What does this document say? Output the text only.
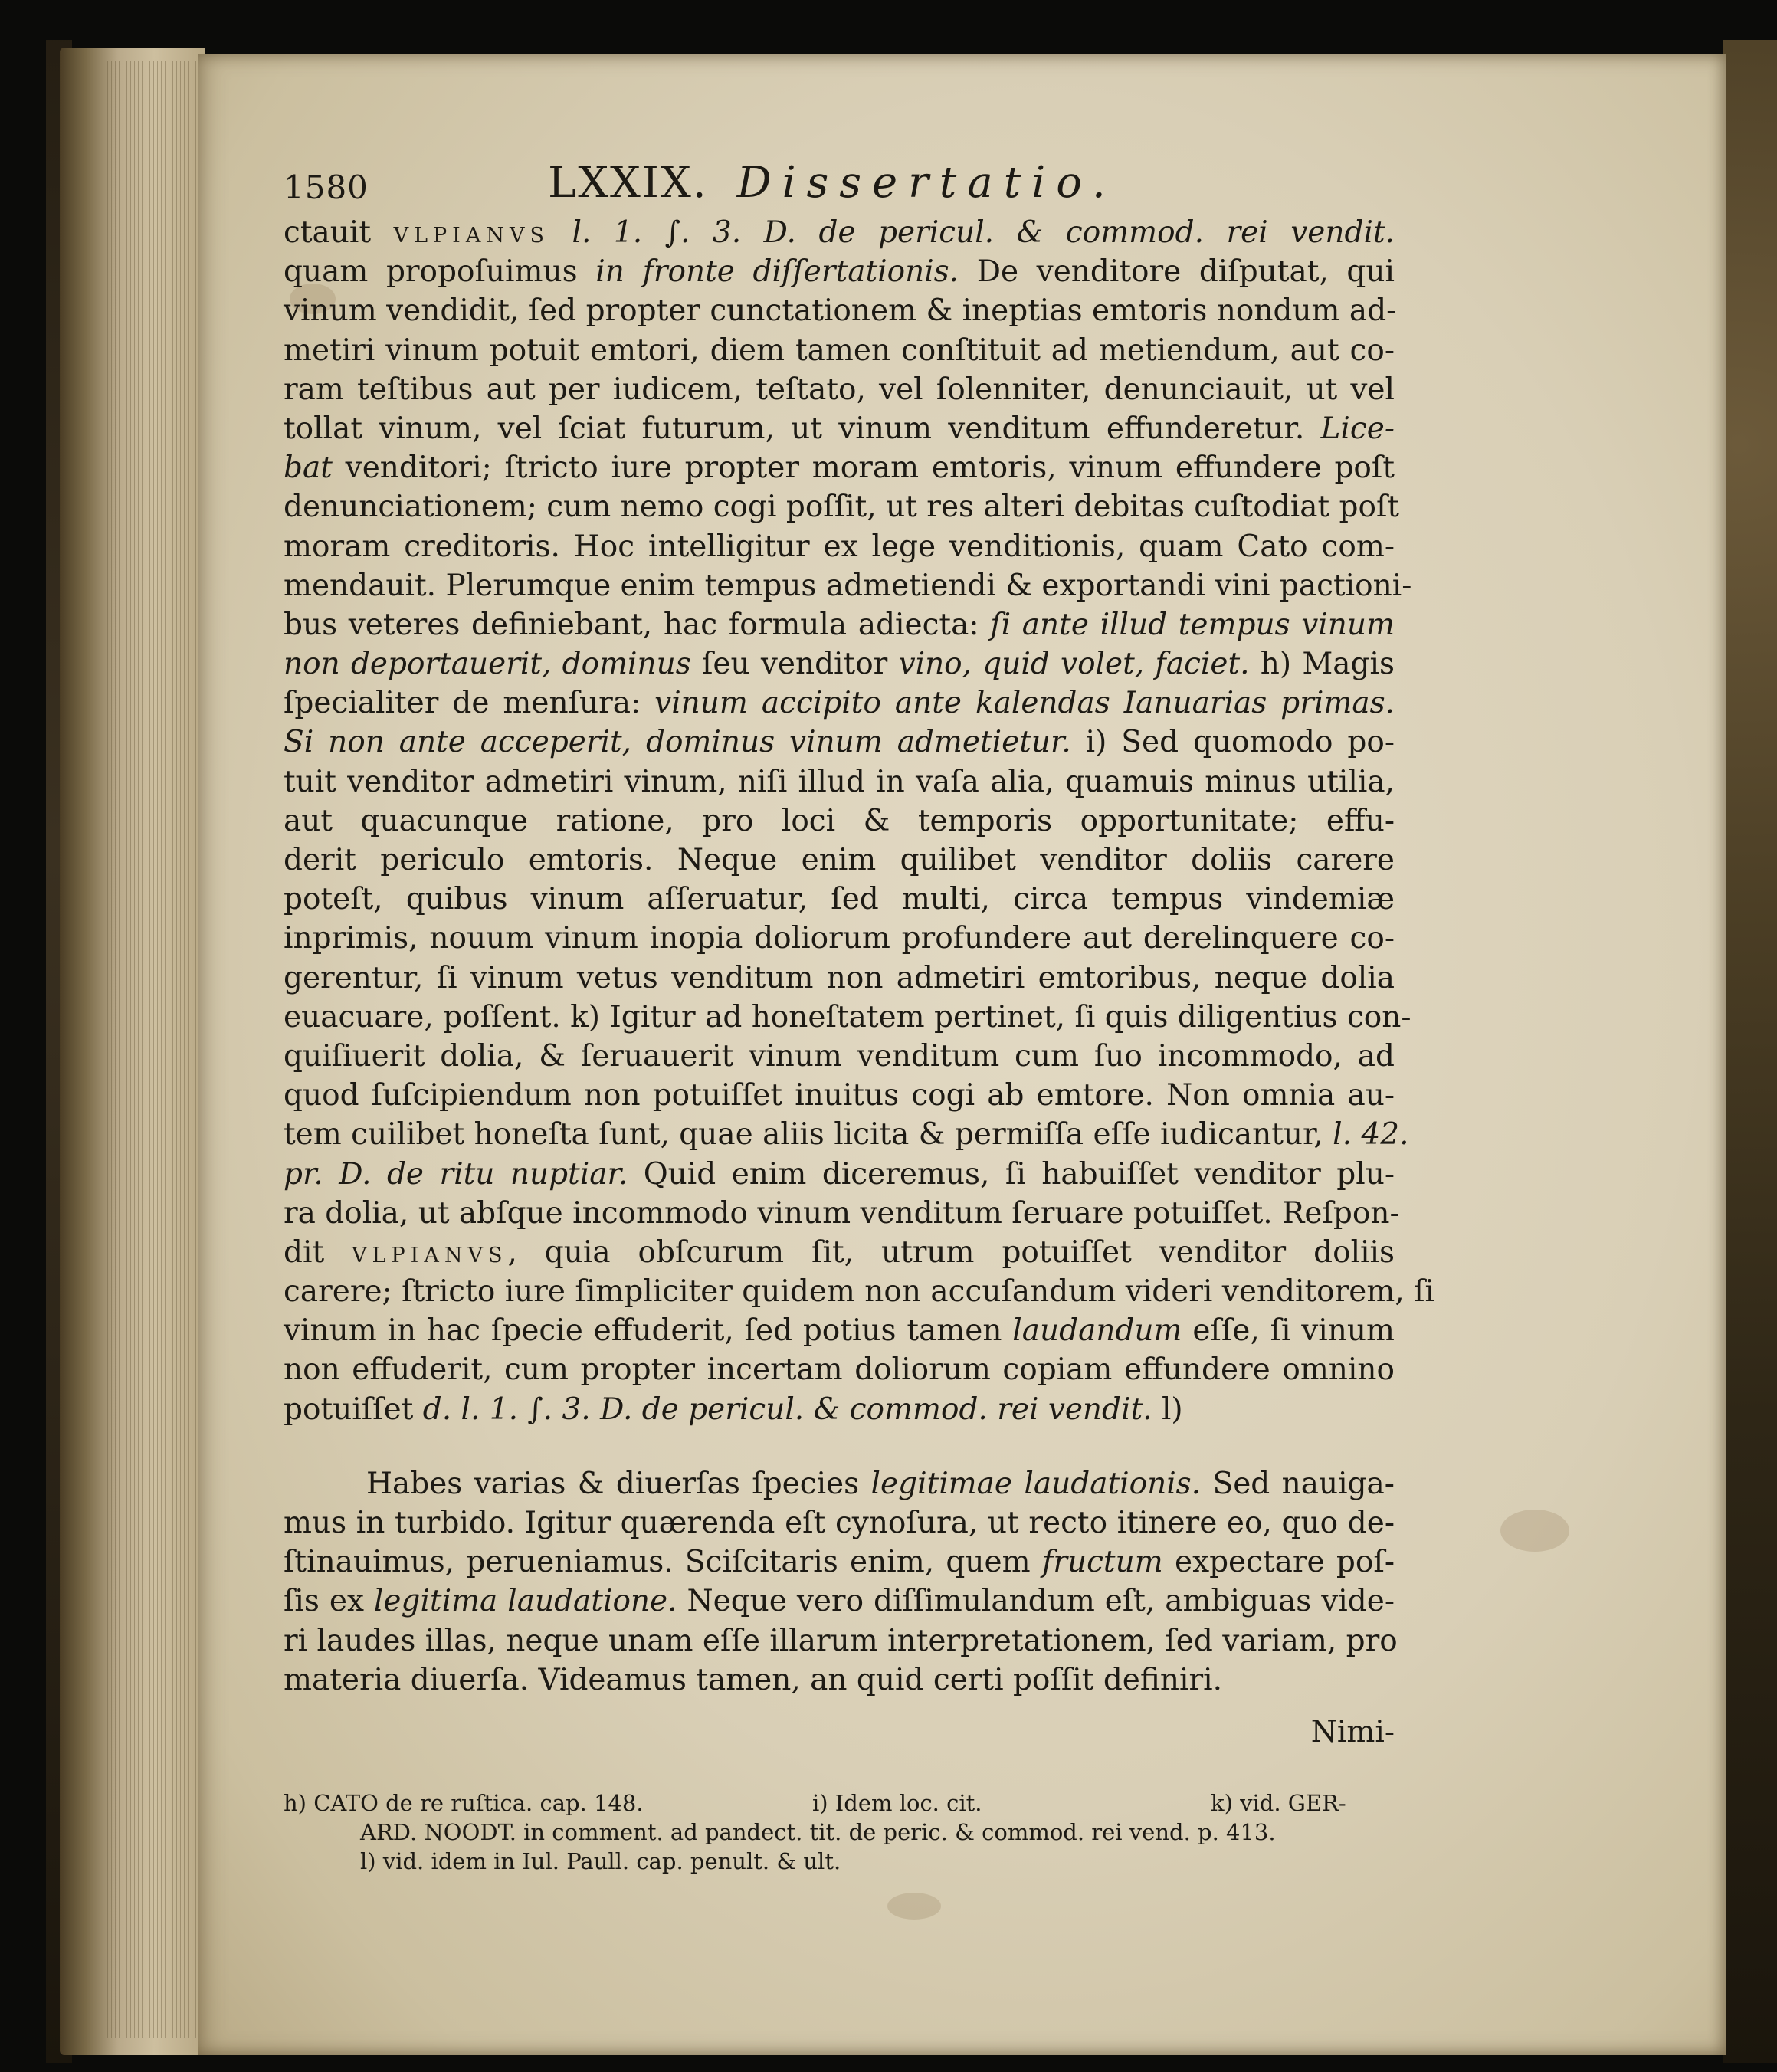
1580	LXXIX. Dissertatio.
ctauit VLPIANVS l. 1. ∫. 3. D. de pericul. & commod. rei vendit.
quam propoſuimus in fronte diſſertationis. De venditore diſputat, qui
vinum vendidit, ſed propter cunctationem & ineptias emtoris nondum ad-
metiri vinum potuit emtori, diem tamen conſtituit ad metiendum, aut co-
ram teſtibus aut per iudicem, teſtato, vel ſolenniter, denunciauit, ut vel
tollat vinum, vel ſciat futurum, ut vinum venditum effunderetur. Lice-
bat venditori; ſtricto iure propter moram emtoris, vinum effundere poſt
denunciationem; cum nemo cogi poſſit, ut res alteri debitas cuſtodiat poſt
moram creditoris. Hoc intelligitur ex lege venditionis, quam Cato com-
mendauit. Plerumque enim tempus admetiendi & exportandi vini pactioni-
bus veteres definiebant, hac formula adiecta: ſi ante illud tempus vinum
non deportauerit, dominus ſeu venditor vino, quid volet, faciet. h) Magis
ſpecialiter de menſura: vinum accipito ante kalendas Ianuarias primas.
Si non ante acceperit, dominus vinum admetietur. i) Sed quomodo po-
tuit venditor admetiri vinum, niſi illud in vaſa alia, quamuis minus utilia,
aut quacunque ratione, pro loci & temporis opportunitate; effu-
derit periculo emtoris. Neque enim quilibet venditor doliis carere
poteſt, quibus vinum aſſeruatur, ſed multi, circa tempus vindemiæ
inprimis, nouum vinum inopia doliorum profundere aut derelinquere co-
gerentur, ſi vinum vetus venditum non admetiri emtoribus, neque dolia
euacuare, poſſent. k) Igitur ad honeſtatem pertinet, ſi quis diligentius con-
quiſiuerit dolia, & ſeruauerit vinum venditum cum ſuo incommodo, ad
quod ſuſcipiendum non potuiſſet inuitus cogi ab emtore. Non omnia au-
tem cuilibet honeſta ſunt, quae aliis licita & permiſſa eſſe iudicantur, l. 42.
pr. D. de ritu nuptiar. Quid enim diceremus, ſi habuiſſet venditor plu-
ra dolia, ut abſque incommodo vinum venditum ſeruare potuiſſet. Reſpon-
dit VLPIANVS, quia obſcurum ſit, utrum potuiſſet venditor doliis
carere; ſtricto iure ſimpliciter quidem non accuſandum videri venditorem, ſi
vinum in hac ſpecie effuderit, ſed potius tamen laudandum eſſe, ſi vinum
non effuderit, cum propter incertam doliorum copiam effundere omnino
potuiſſet d. l. 1. ∫. 3. D. de pericul. & commod. rei vendit. l)
Habes varias & diuerſas ſpecies legitimae laudationis. Sed nauiga-
mus in turbido. Igitur quærenda eſt cynoſura, ut recto itinere eo, quo de-
ſtinauimus, perueniamus. Sciſcitaris enim, quem fructum expectare poſ-
ſis ex legitima laudatione. Neque vero diſſimulandum eſt, ambiguas vide-
ri laudes illas, neque unam eſſe illarum interpretationem, ſed variam, pro
materia diuerſa. Videamus tamen, an quid certi poſſit definiri.
Nimi-
h) CATO de re ruſtica. cap. 148.	i) Idem loc. cit.	k) vid. GER-
ARD. NOODT. in comment. ad pandect. tit. de peric. & commod. rei vend. p. 413.
l) vid. idem in Iul. Paull. cap. penult. & ult.
